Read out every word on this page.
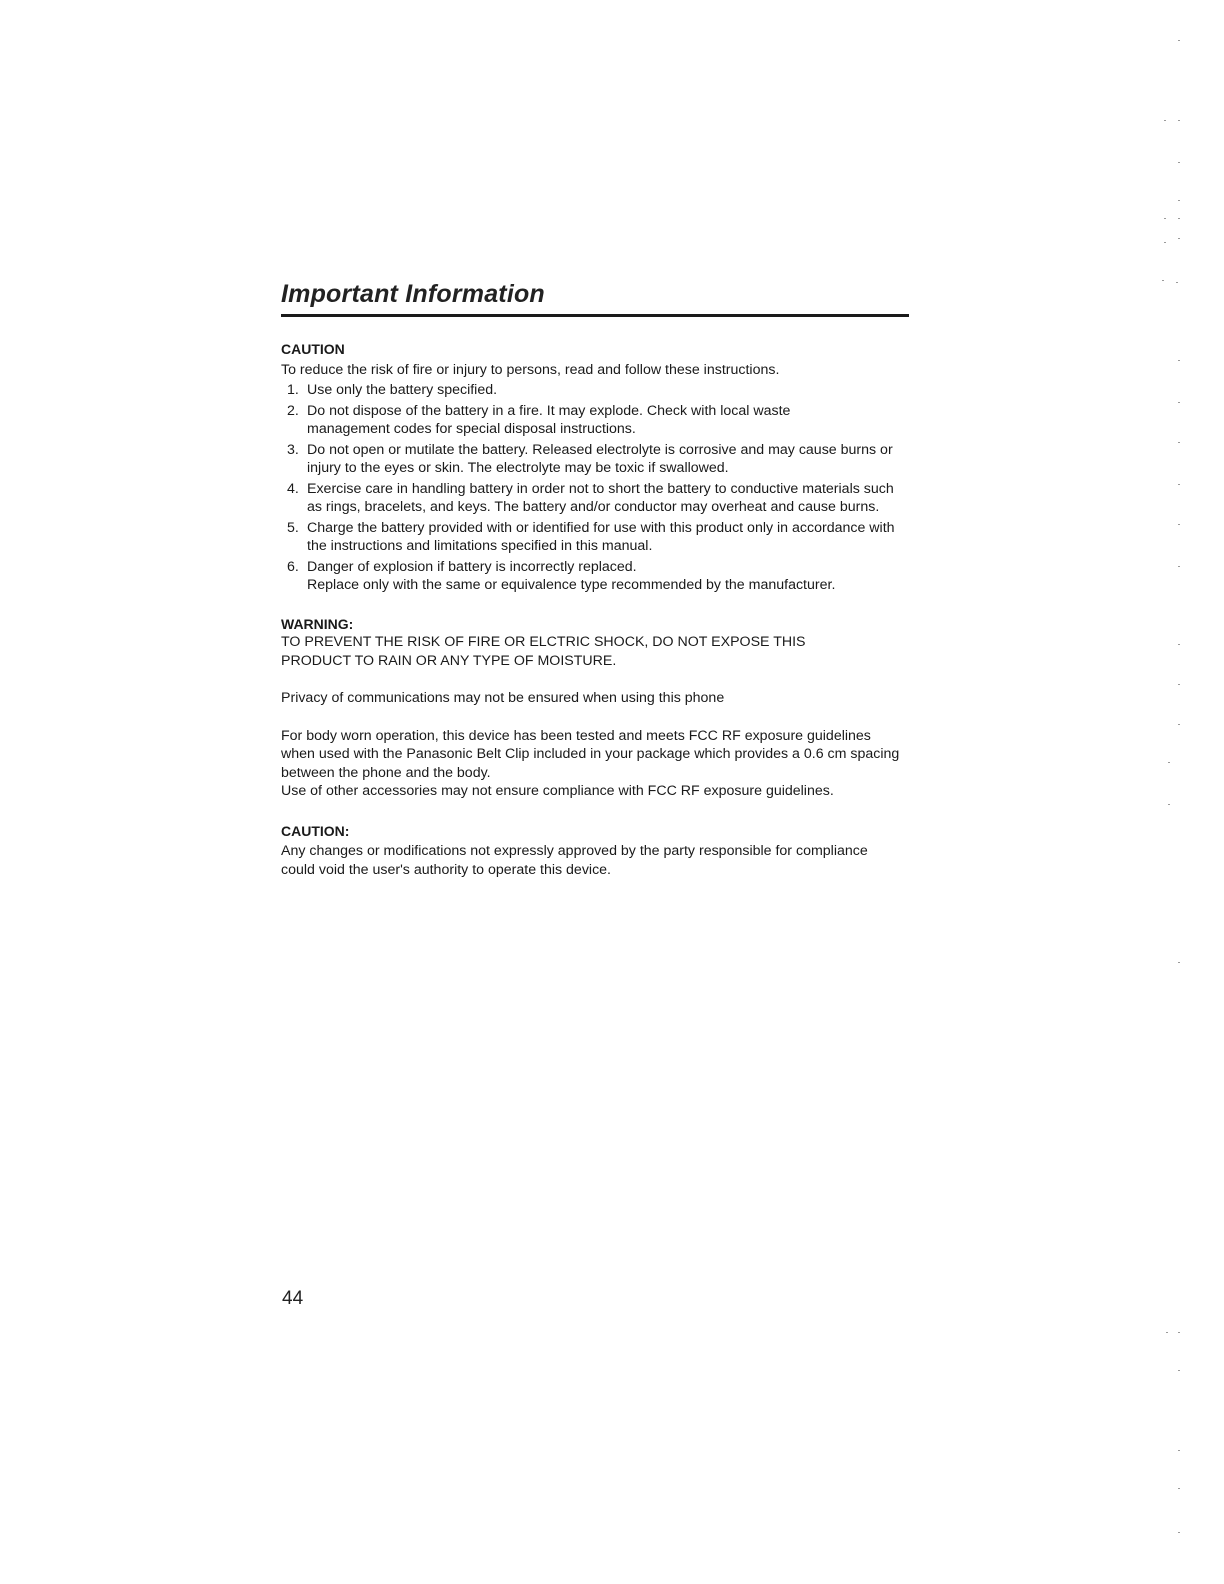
Important Information

CAUTION

To reduce the risk of fire or injury to persons, read and follow these instructions.

1. Use only the battery specified.
2. Do not dispose of the battery in a fire. It may explode. Check with local waste management codes for special disposal instructions.
3. Do not open or mutilate the battery. Released electrolyte is corrosive and may cause burns or injury to the eyes or skin. The electrolyte may be toxic if swallowed.
4. Exercise care in handling battery in order not to short the battery to conductive materials such as rings, bracelets, and keys. The battery and/or conductor may overheat and cause burns.
5. Charge the battery provided with or identified for use with this product only in accordance with the instructions and limitations specified in this manual.
6. Danger of explosion if battery is incorrectly replaced.
Replace only with the same or equivalence type recommended by the manufacturer.

WARNING:

TO PREVENT THE RISK OF FIRE OR ELCTRIC SHOCK, DO NOT EXPOSE THIS

PRODUCT TO RAIN OR ANY TYPE OF MOISTURE.

Privacy of communications may not be ensured when using this phone

For body worn operation, this device has been tested and meets FCC RF exposure guidelines

when used with the Panasonic Belt Clip included in your package which provides a 0.6 cm spacing

between the phone and the body.

Use of other accessories may not ensure compliance with FCC RF exposure guidelines.

CAUTION:

Any changes or modifications not expressly approved by the party responsible for compliance

could void the user's authority to operate this device.

44
